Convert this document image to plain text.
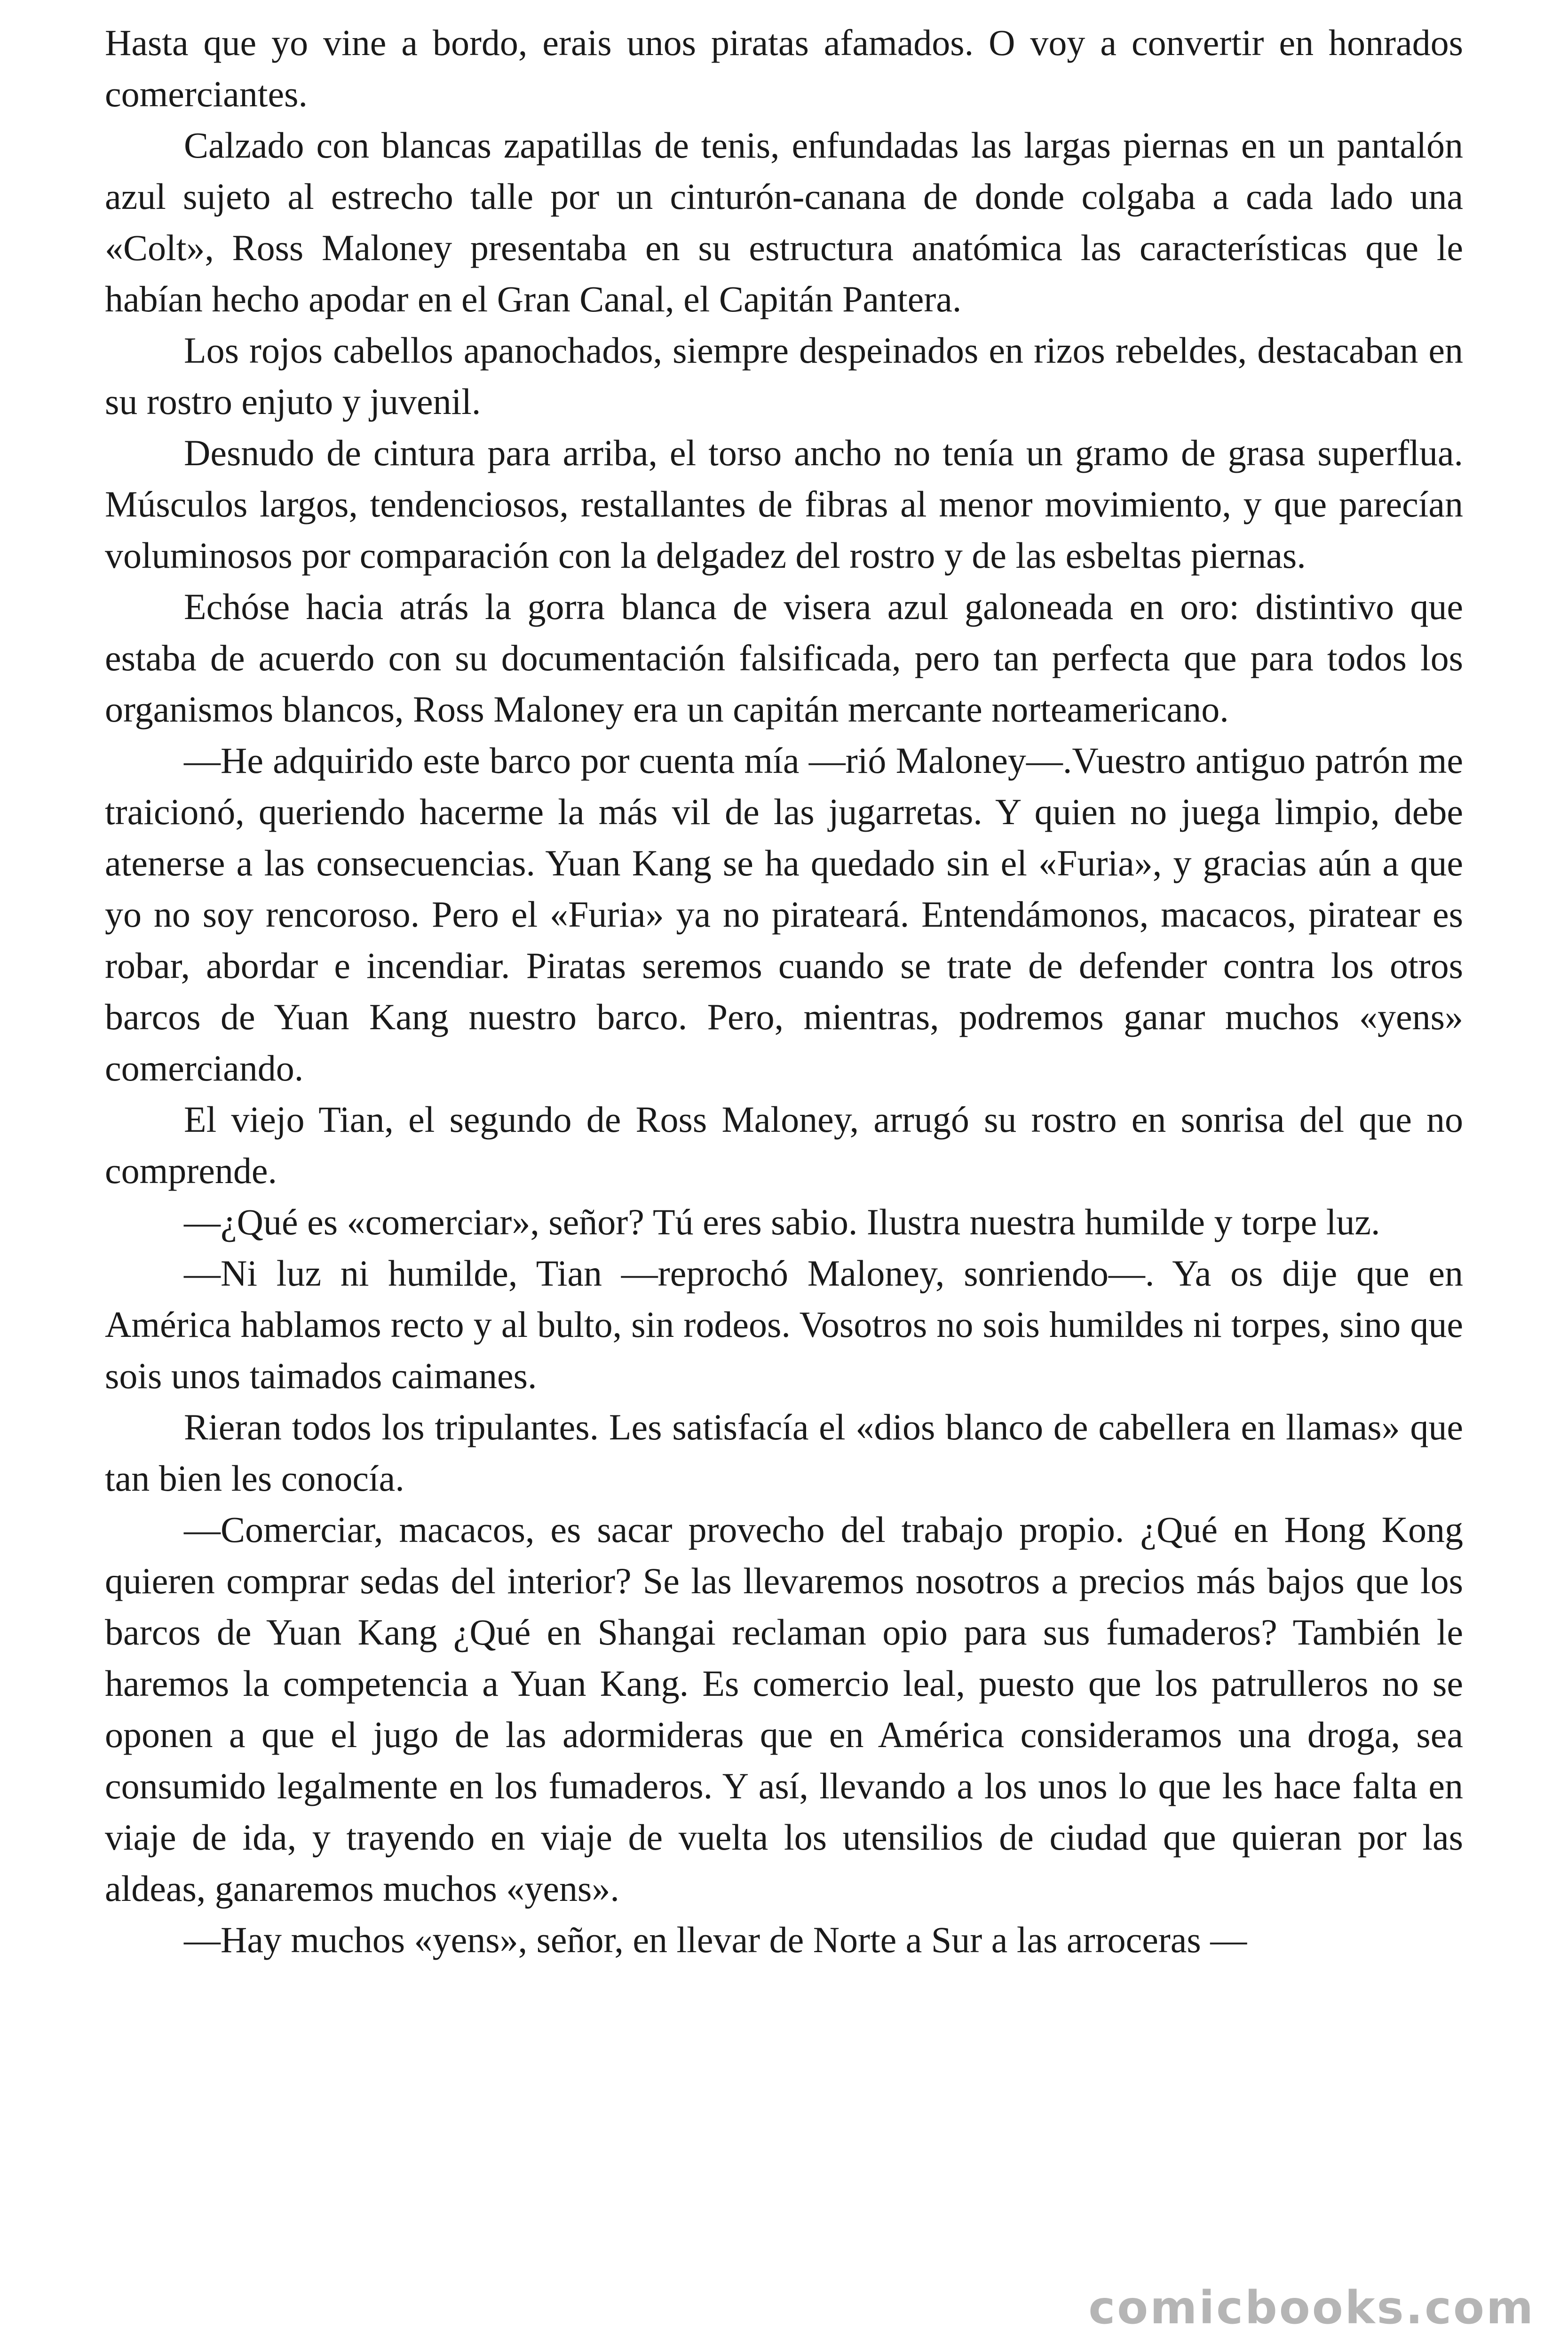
Hasta que yo vine a bordo, erais unos piratas afamados. O voy a convertir en honrados comerciantes.

Calzado con blancas zapatillas de tenis, enfundadas las largas piernas en un pantalón azul sujeto al estrecho talle por un cinturón-canana de donde colgaba a cada lado una «Colt», Ross Maloney presentaba en su estructura anatómica las características que le habían hecho apodar en el Gran Canal, el Capitán Pantera.

Los rojos cabellos apanochados, siempre despeinados en rizos rebeldes, destacaban en su rostro enjuto y juvenil.

Desnudo de cintura para arriba, el torso ancho no tenía un gramo de grasa superflua. Músculos largos, tendenciosos, restallantes de fibras al menor movimiento, y que parecían voluminosos por comparación con la delgadez del rostro y de las esbeltas piernas.

Echóse hacia atrás la gorra blanca de visera azul galoneada en oro: distintivo que estaba de acuerdo con su documentación falsificada, pero tan perfecta que para todos los organismos blancos, Ross Maloney era un capitán mercante norteamericano.

—He adquirido este barco por cuenta mía —rió Maloney—.Vuestro antiguo patrón me traicionó, queriendo hacerme la más vil de las jugarretas. Y quien no juega limpio, debe atenerse a las consecuencias. Yuan Kang se ha quedado sin el «Furia», y gracias aún a que yo no soy rencoroso. Pero el «Furia» ya no pirateará. Entendámonos, macacos, piratear es robar, abordar e incendiar. Piratas seremos cuando se trate de defender contra los otros barcos de Yuan Kang nuestro barco. Pero, mientras, podremos ganar muchos «yens» comerciando.

El viejo Tian, el segundo de Ross Maloney, arrugó su rostro en sonrisa del que no comprende.

—¿Qué es «comerciar», señor? Tú eres sabio. Ilustra nuestra humilde y torpe luz.

—Ni luz ni humilde, Tian —reprochó Maloney, sonriendo—. Ya os dije que en América hablamos recto y al bulto, sin rodeos. Vosotros no sois humildes ni torpes, sino que sois unos taimados caimanes.

Rieran todos los tripulantes. Les satisfacía el «dios blanco de cabellera en llamas» que tan bien les conocía.

—Comerciar, macacos, es sacar provecho del trabajo propio. ¿Qué en Hong Kong quieren comprar sedas del interior? Se las llevaremos nosotros a precios más bajos que los barcos de Yuan Kang ¿Qué en Shangai reclaman opio para sus fumaderos? También le haremos la competencia a Yuan Kang. Es comercio leal, puesto que los patrulleros no se oponen a que el jugo de las adormideras que en América consideramos una droga, sea consumido legalmente en los fumaderos. Y así, llevando a los unos lo que les hace falta en viaje de ida, y trayendo en viaje de vuelta los utensilios de ciudad que quieran por las aldeas, ganaremos muchos «yens».

—Hay muchos «yens», señor, en llevar de Norte a Sur a las arroceras —

comicbooks.com
